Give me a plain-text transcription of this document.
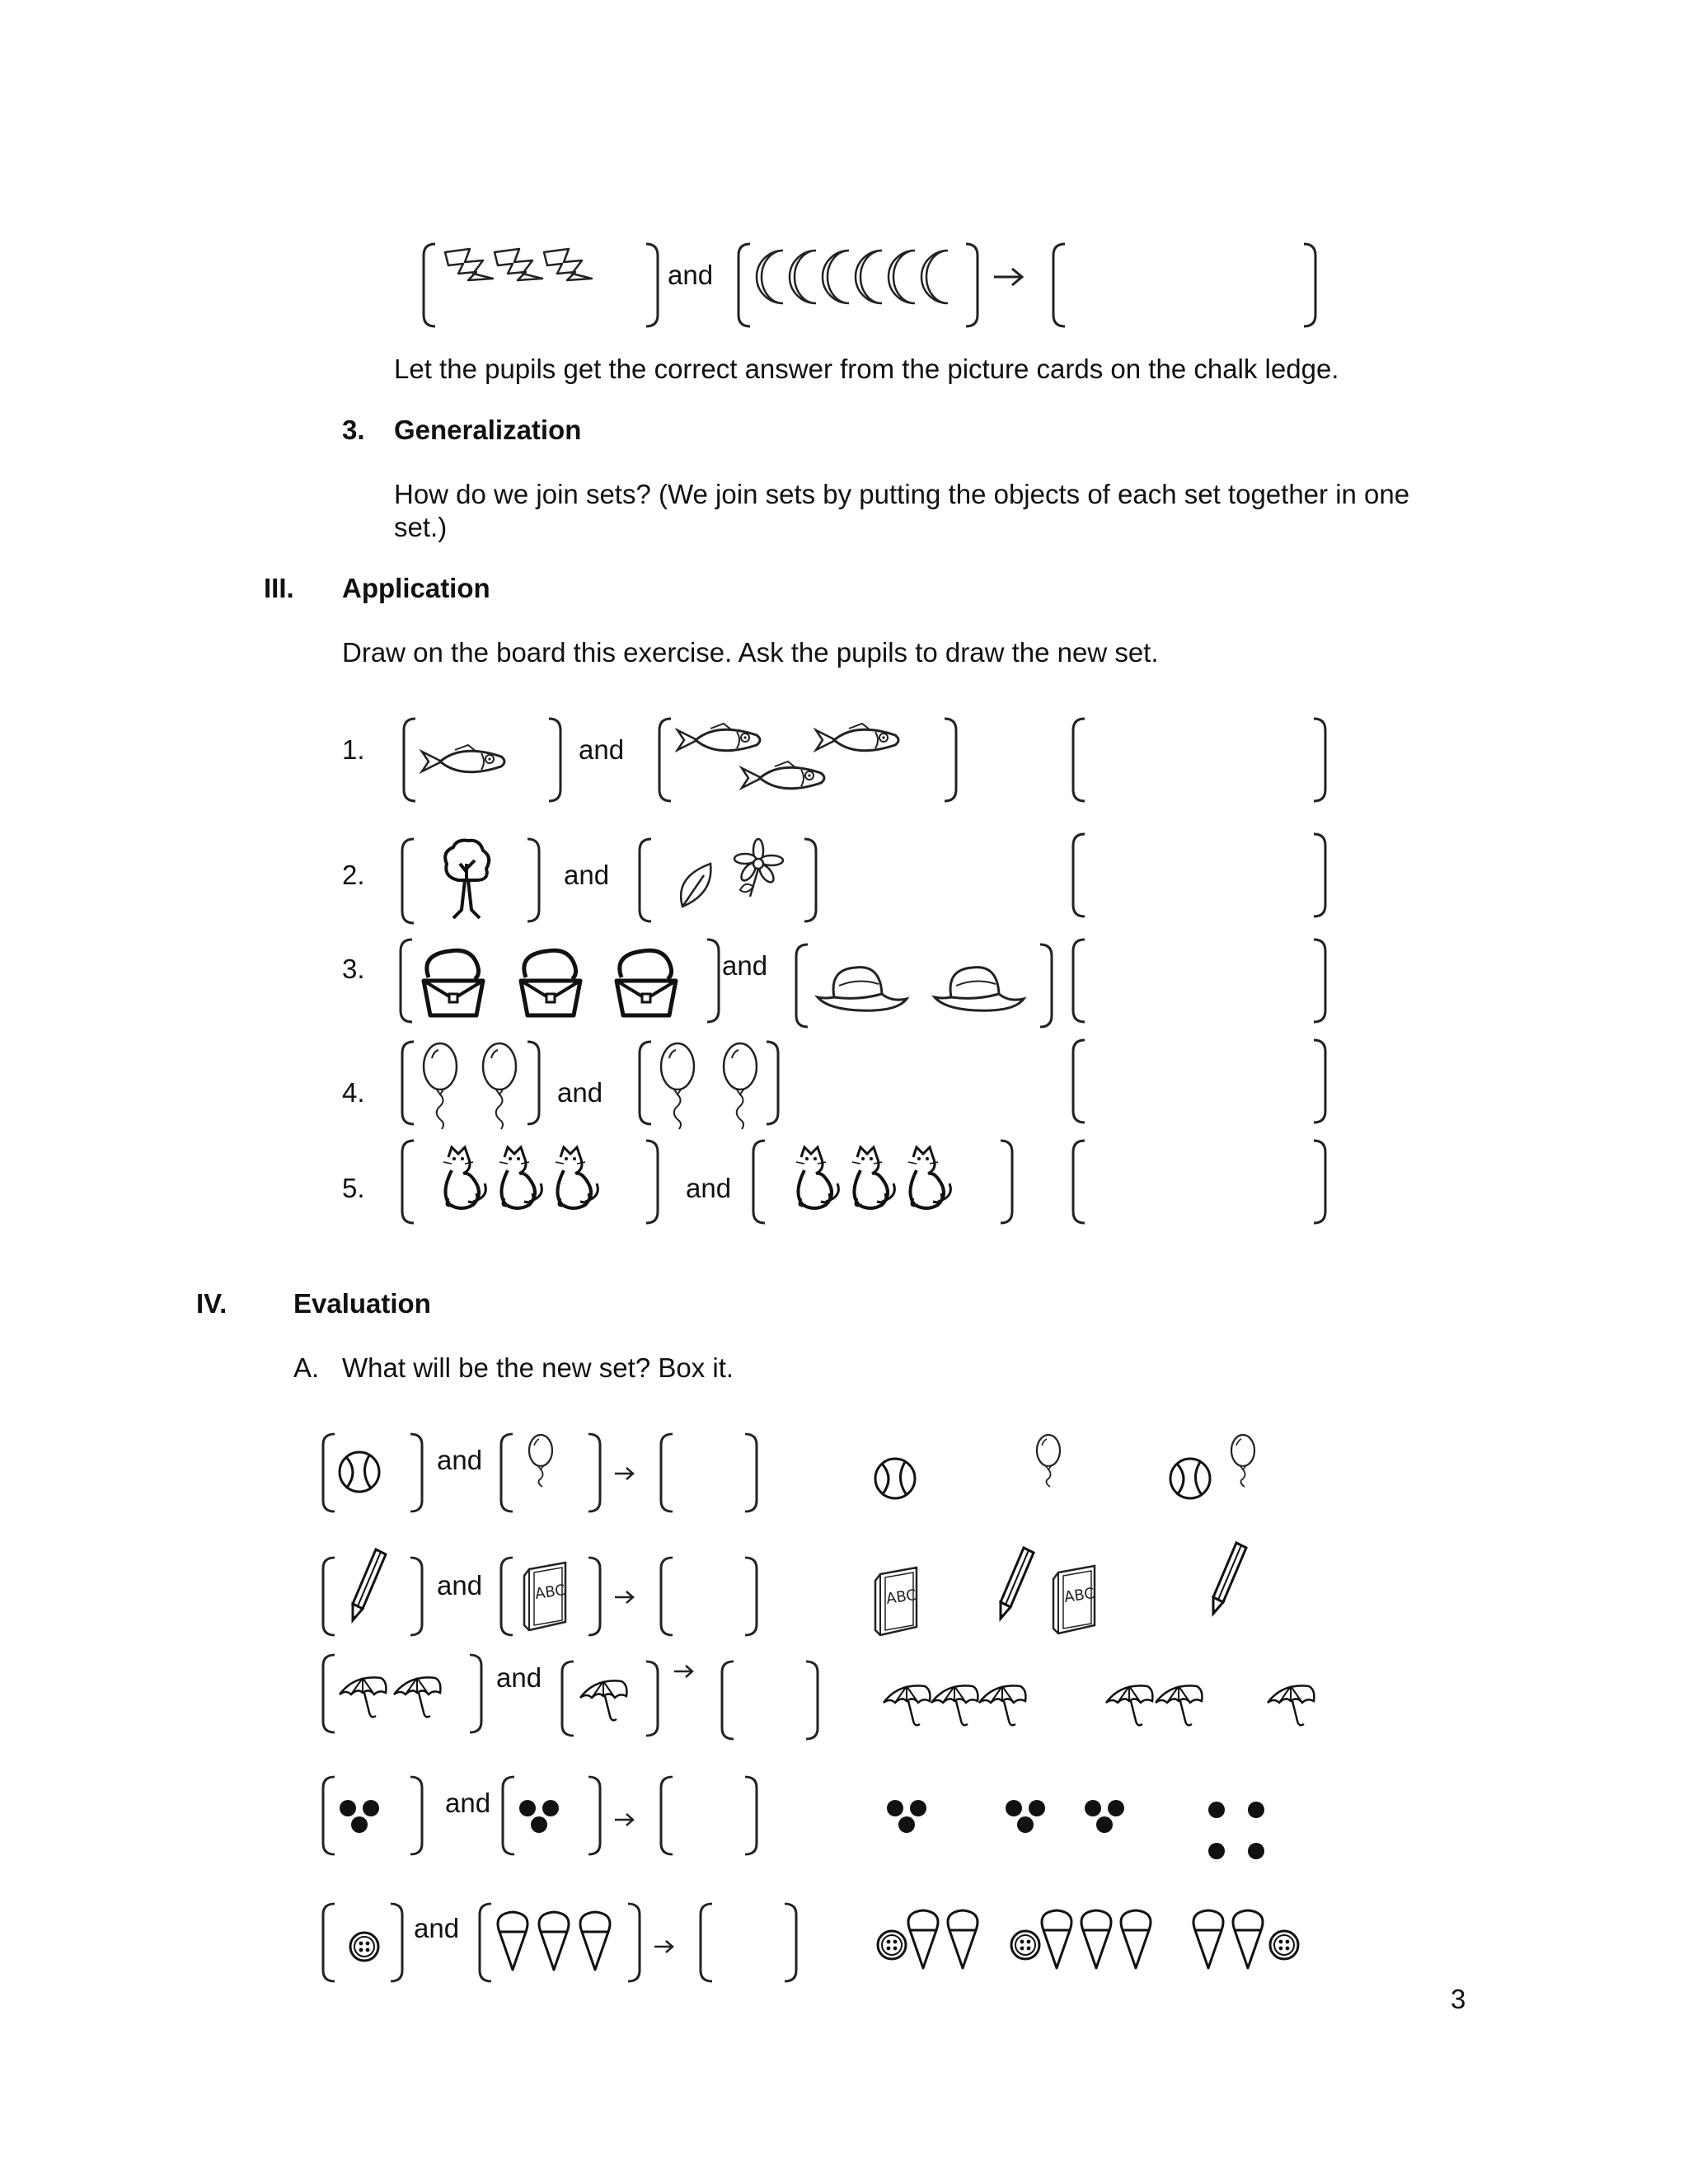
and
Let the pupils get the correct answer from the picture cards on the chalk ledge.
3. Generalization
How do we join sets? (We join sets by putting the objects of each set together in one
set.)
III. Application
Draw on the board this exercise. Ask the pupils to draw the new set.
1.	and
2.	and
3.	and
4.	and
5.	and
IV. Evaluation
A. What will be the new set? Box it.
and
and
and
and
and
3
ABC	ABC	ABC
